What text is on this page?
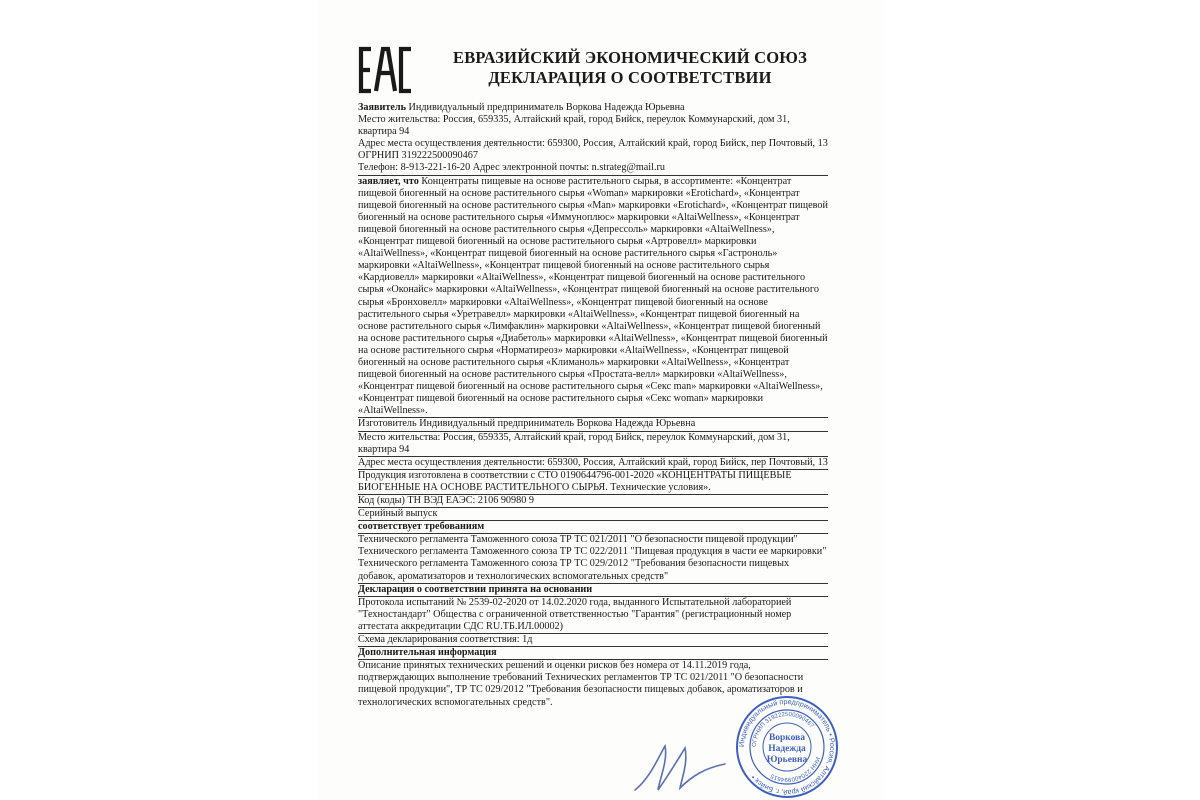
ЕВРАЗИЙСКИЙ ЭКОНОМИЧЕСКИЙ СОЮЗ
ДЕКЛАРАЦИЯ О СООТВЕТСТВИИ
Заявитель Индивидуальный предприниматель Воркова Надежда Юрьевна
Место жительства: Россия, 659335, Алтайский край, город Бийск, переулок Коммунарский, дом 31, квартира 94
Адрес места осуществления деятельности: 659300, Россия, Алтайский край, город Бийск, пер Почтовый, 13
ОГРНИП 319222500090467
Телефон: 8-913-221-16-20 Адрес электронной почты: n.strateg@mail.ru
заявляет, что Концентраты пищевые на основе растительного сырья, в ассортименте: «Концентрат пищевой биогенный на основе растительного сырья «Woman» маркировки «Erotichard», «Концентрат пищевой биогенный на основе растительного сырья «Man» маркировки «Erotichard», «Концентрат пищевой биогенный на основе растительного сырья «Иммуноплюс» маркировки «AltaiWellness», «Концентрат пищевой биогенный на основе растительного сырья «Депрессоль» маркировки «AltaiWellness», «Концентрат пищевой биогенный на основе растительного сырья «Артровелл» маркировки «AltaiWellness», «Концентрат пищевой биогенный на основе растительного сырья «Гастроноль» маркировки «AltaiWellness», «Концентрат пищевой биогенный на основе растительного сырья «Кардиовелл» маркировки «AltaiWellness», «Концентрат пищевой биогенный на основе растительного сырья «Оконайс» маркировки «AltaiWellness», «Концентрат пищевой биогенный на основе растительного сырья «Бронховелл» маркировки «AltaiWellness», «Концентрат пищевой биогенный на основе растительного сырья «Уретравелл» маркировки «AltaiWellness», «Концентрат пищевой биогенный на основе растительного сырья «Лимфаклин» маркировки «AltaiWellness», «Концентрат пищевой биогенный на основе растительного сырья «Диабетоль» маркировки «AltaiWellness», «Концентрат пищевой биогенный на основе растительного сырья «Норматиреоз» маркировки «AltaiWellness», «Концентрат пищевой биогенный на основе растительного сырья «Климаноль» маркировки «AltaiWellness», «Концентрат пищевой биогенный на основе растительного сырья «Простата-велл» маркировки «AltaiWellness», «Концентрат пищевой биогенный на основе растительного сырья «Секс man» маркировки «AltaiWellness», «Концентрат пищевой биогенный на основе растительного сырья «Секс woman» маркировки «AltaiWellness».
Изготовитель Индивидуальный предприниматель Воркова Надежда Юрьевна
Место жительства: Россия, 659335, Алтайский край, город Бийск, переулок Коммунарский, дом 31, квартира 94
Адрес места осуществления деятельности: 659300, Россия, Алтайский край, город Бийск, пер Почтовый, 13
Продукция изготовлена в соответствии с СТО 0190644796-001-2020 «КОНЦЕНТРАТЫ ПИЩЕВЫЕ БИОГЕННЫЕ НА ОСНОВЕ РАСТИТЕЛЬНОГО СЫРЬЯ. Технические условия».
Код (коды) ТН ВЭД ЕАЭС: 2106 90980 9
Серийный выпуск
соответствует требованиям
Технического регламента Таможенного союза ТР ТС 021/2011 "О безопасности пищевой продукции"
Технического регламента Таможенного союза ТР ТС 022/2011 "Пищевая продукция в части ее маркировки"
Технического регламента Таможенного союза ТР ТС 029/2012 "Требования безопасности пищевых добавок, ароматизаторов и технологических вспомогательных средств"
Декларация о соответствии принята на основании
Протокола испытаний № 2539-02-2020 от 14.02.2020 года, выданного Испытательной лабораторией "Техностандарт" Общества с ограниченной ответственностью "Гарантия" (регистрационный номер аттестата аккредитации СДС RU.ТБ.ИЛ.00002)
Схема декларирования соответствия: 1д
Дополнительная информация
Описание принятых технических решений и оценки рисков без номера от 14.11.2019 года, подтверждающих выполнение требований Технических регламентов ТР ТС 021/2011 "О безопасности пищевой продукции", ТР ТС 029/2012 "Требования безопасности пищевых добавок, ароматизаторов и технологических вспомогательных средств".
Индивидуальный предприниматель • Россия, Алтайский край, г. Бийск •
ОГРНИП 319222500090467
ИНН 220400994615
Воркова
Надежда
Юрьевна
